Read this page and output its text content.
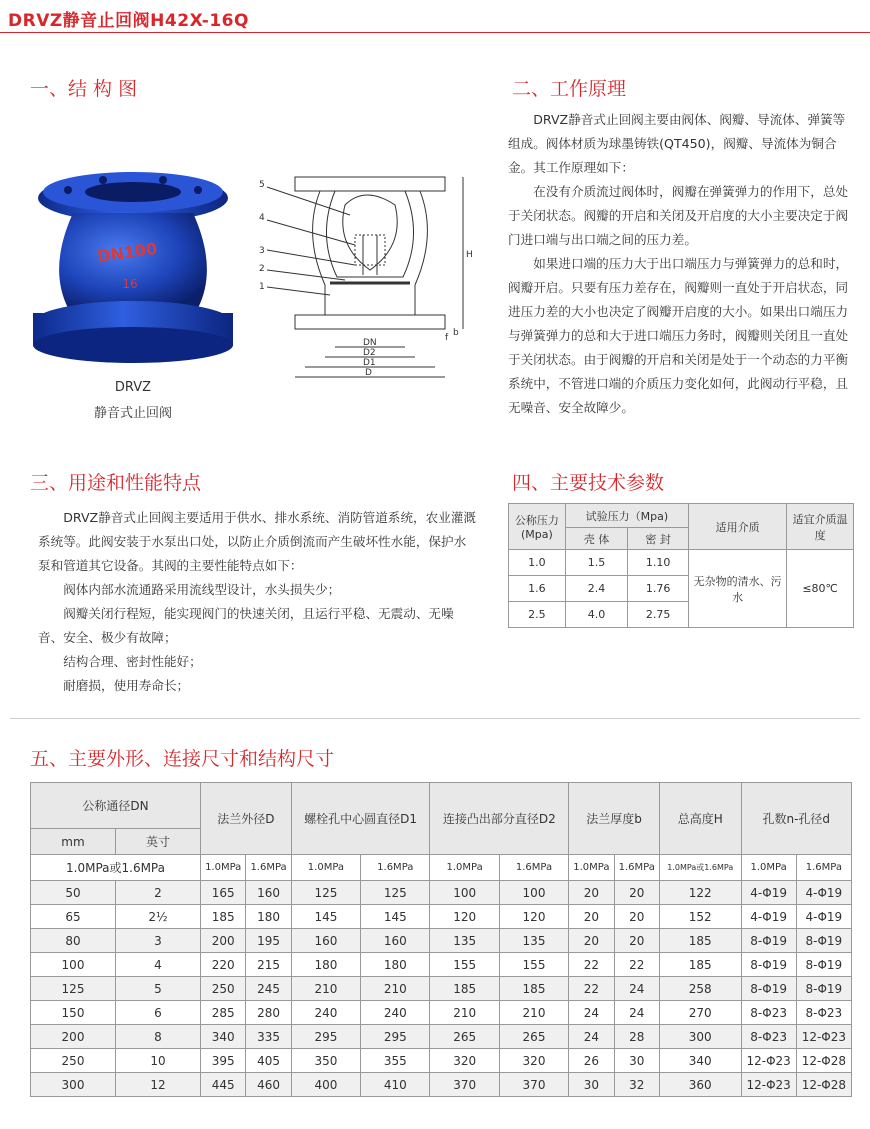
DRVZ静音止回阀H42X-16Q
一、结 构 图
DN100
16
DRVZ
静音式止回阀
5
4
3
2
1
DN
D2
D1
D
H
f b
二、工作原理

DRVZ静音式止回阀主要由阀体、阀瓣、导流体、弹簧等组成。阀体材质为球墨铸铁(QT450)，阀瓣、导流体为铜合金。其工作原理如下：

在没有介质流过阀体时，阀瓣在弹簧弹力的作用下，总处于关闭状态。阀瓣的开启和关闭及开启度的大小主要决定于阀门进口端与出口端之间的压力差。

如果进口端的压力大于出口端压力与弹簧弹力的总和时，阀瓣开启。只要有压力差存在，阀瓣则一直处于开启状态，同进压力差的大小也决定了阀瓣开启度的大小。如果出口端压力与弹簧弹力的总和大于进口端压力务时，阀瓣则关闭且一直处于关闭状态。由于阀瓣的开启和关闭是处于一个动态的力平衡系统中，不管进口端的介质压力变化如何，此阀动行平稳，且无噪音、安全故障少。

三、用途和性能特点

DRVZ静音式止回阀主要适用于供水、排水系统、消防管道系统，农业灌溉系统等。此阀安装于水泵出口处，以防止介质倒流而产生破坏性水能，保护水泵和管道其它设备。其阀的主要性能特点如下：

阀体内部水流通路采用流线型设计，水头损失少；

阀瓣关闭行程短，能实现阀门的快速关闭，且运行平稳、无震动、无噪音、安全、极少有故障；

结构合理、密封性能好；

耐磨损，使用寿命长；

四、主要技术参数
公称压力(Mpa)	试验压力（Mpa)		适用介质	适宜介质温度
	壳 体	密 封		
1.0	1.5	1.10	无杂物的清水、污水	≤80℃
1.6	2.4	1.76		
2.5	4.0	2.75		
五、主要外形、连接尺寸和结构尺寸
公称通径DN		法兰外径D		螺栓孔中心圆直径D1		连接凸出部分直径D2		法兰厚度b		总高度H	孔数n-孔径d	
mm	英寸											
1.0MPa或1.6MPa		1.0MPa	1.6MPa	1.0MPa	1.6MPa	1.0MPa	1.6MPa	1.0MPa	1.6MPa	1.0MPa或1.6MPa	1.0MPa	1.6MPa
50	2	165	160	125	125	100	100	20	20	122	4-Φ19	4-Φ19
65	2½	185	180	145	145	120	120	20	20	152	4-Φ19	4-Φ19
80	3	200	195	160	160	135	135	20	20	185	8-Φ19	8-Φ19
100	4	220	215	180	180	155	155	22	22	185	8-Φ19	8-Φ19
125	5	250	245	210	210	185	185	22	24	258	8-Φ19	8-Φ19
150	6	285	280	240	240	210	210	24	24	270	8-Φ23	8-Φ23
200	8	340	335	295	295	265	265	24	28	300	8-Φ23	12-Φ23
250	10	395	405	350	355	320	320	26	30	340	12-Φ23	12-Φ28
300	12	445	460	400	410	370	370	30	32	360	12-Φ23	12-Φ28
